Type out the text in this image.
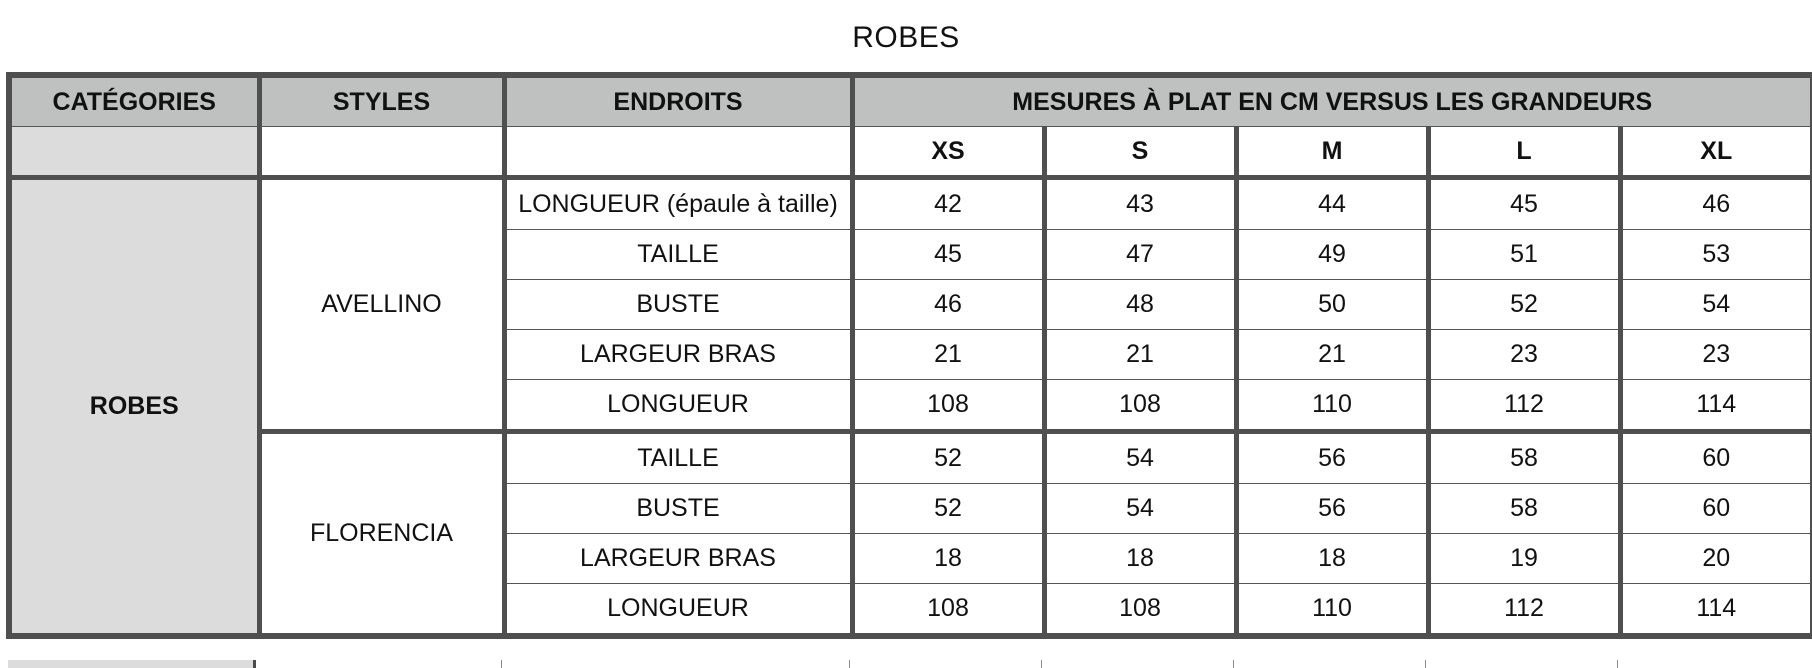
ROBES
CATÉGORIES	STYLES	ENDROITS	MESURES À PLAT EN CM VERSUS LES GRANDEURS				
			XS	S	M	L	XL
ROBES	AVELLINO	LONGUEUR (épaule à taille)	42	43	44	45	46
		TAILLE	45	47	49	51	53
		BUSTE	46	48	50	52	54
		LARGEUR BRAS	21	21	21	23	23
		LONGUEUR	108	108	110	112	114
	FLORENCIA	TAILLE	52	54	56	58	60
		BUSTE	52	54	56	58	60
		LARGEUR BRAS	18	18	18	19	20
		LONGUEUR	108	108	110	112	114
